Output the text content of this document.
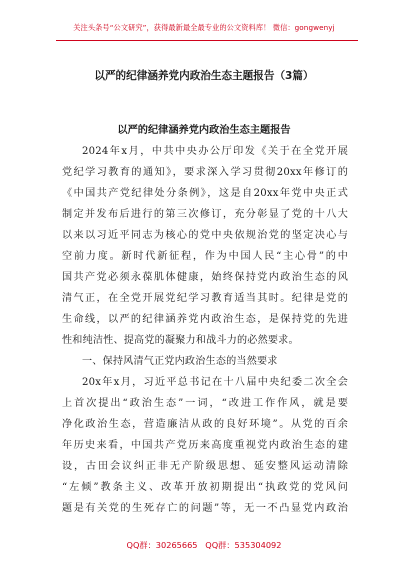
关注头条号“公文研究”，获得最新最全最专业的公文资料库！ 微信：gongwenyj
以严的纪律涵养党内政治生态主题报告（3篇）
以严的纪律涵养党内政治生态主题报告
2024年x月，中共中央办公厅印发《关于在全党开展
党纪学习教育的通知》，要求深入学习贯彻20xx年修订的
《中国共产党纪律处分条例》，这是自20xx年党中央正式
制定并发布后进行的第三次修订，充分彰显了党的十八大
以来以习近平同志为核心的党中央依规治党的坚定决心与
空前力度。新时代新征程，作为中国人民“主心骨”的中
国共产党必须永葆肌体健康，始终保持党内政治生态的风
清气正，在全党开展党纪学习教育适当其时。纪律是党的
生命线，以严的纪律涵养党内政治生态，是保持党的先进
性和纯洁性、提高党的凝聚力和战斗力的必然要求。
一、保持风清气正党内政治生态的当然要求
20x年x月，习近平总书记在十八届中央纪委二次全会
上首次提出“政治生态”一词，“改进工作作风，就是要
净化政治生态，营造廉洁从政的良好环境”。从党的百余
年历史来看，中国共产党历来高度重视党内政治生态的建
设，古田会议纠正非无产阶级思想、延安整风运动清除
“左倾”教条主义、改革开放初期提出“执政党的党风问
题是有关党的生死存亡的问题”等，无一不凸显党内政治
QQ群：30265665 QQ群：535304092
